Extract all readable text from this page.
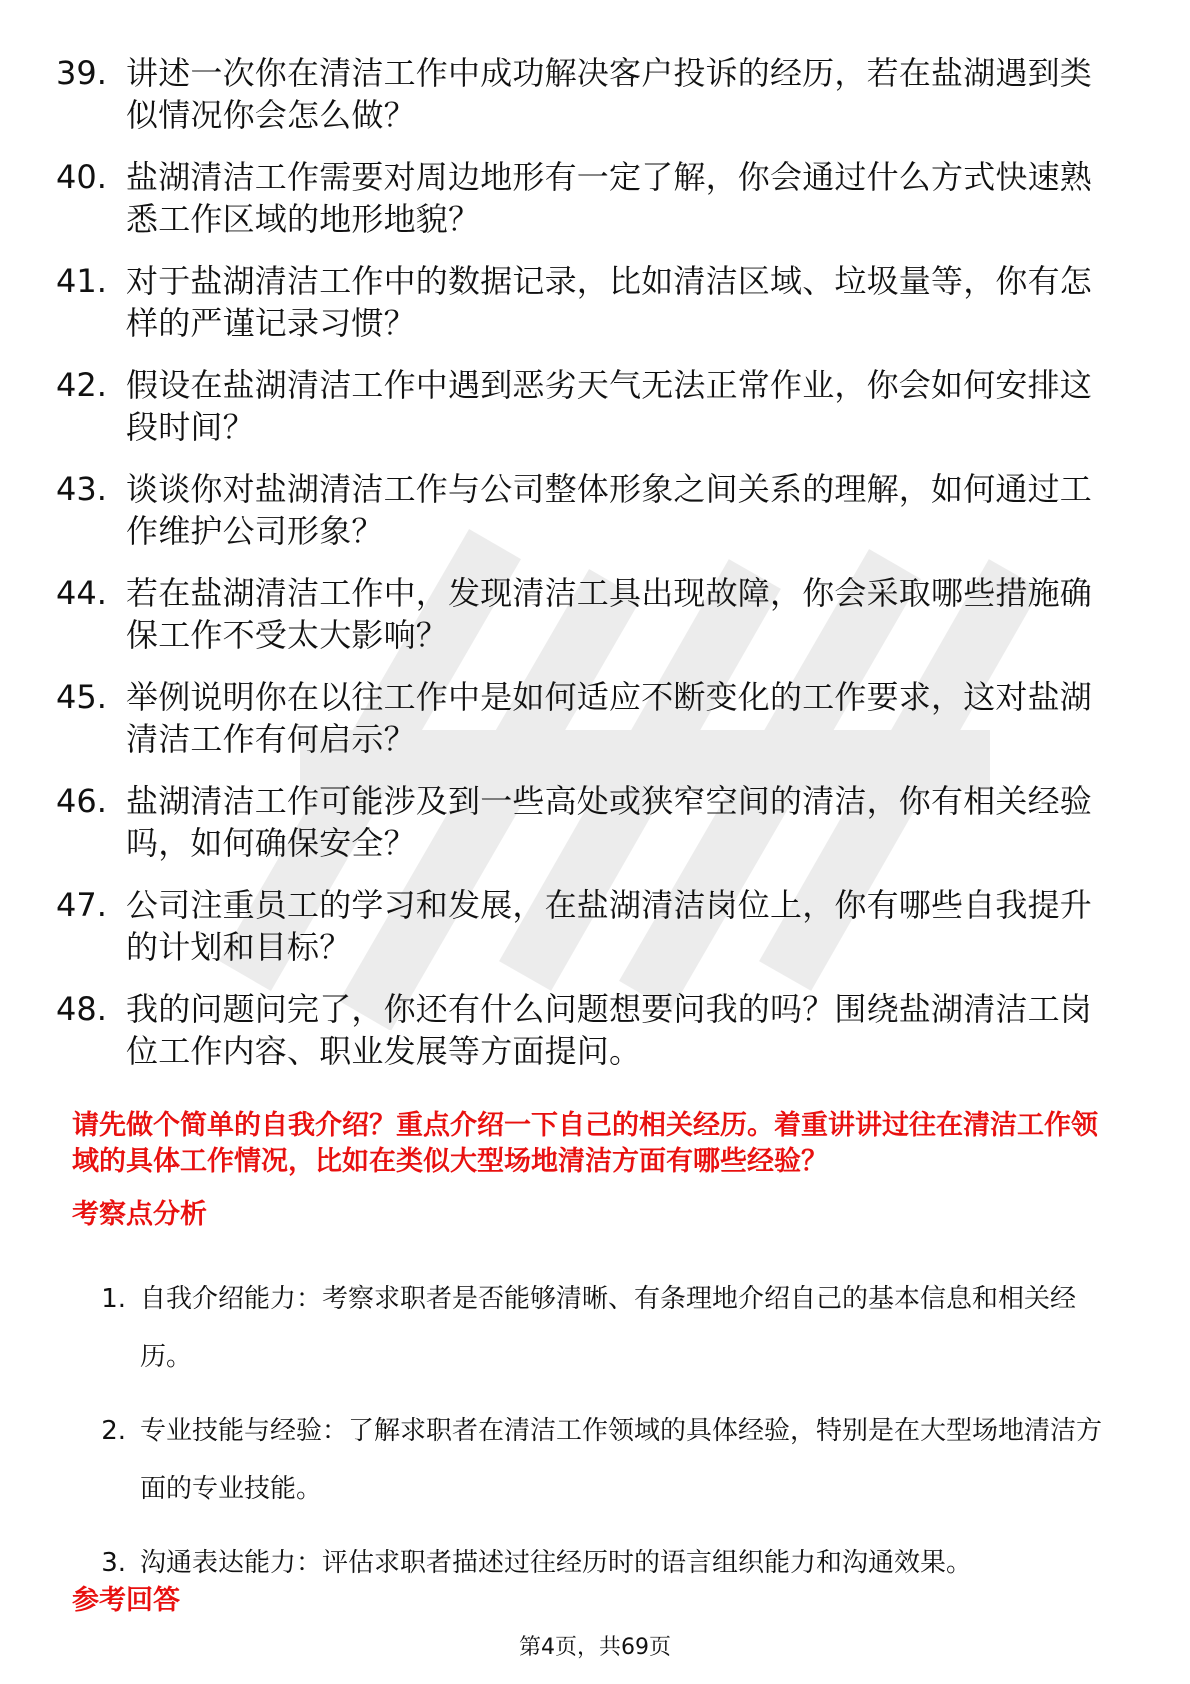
39. 讲述一次你在清洁工作中成功解决客户投诉的经历，若在盐湖遇到类似情况你会怎么做？
40. 盐湖清洁工作需要对周边地形有一定了解，你会通过什么方式快速熟悉工作区域的地形地貌？
41. 对于盐湖清洁工作中的数据记录，比如清洁区域、垃圾量等，你有怎样的严谨记录习惯？
42. 假设在盐湖清洁工作中遇到恶劣天气无法正常作业，你会如何安排这段时间？
43. 谈谈你对盐湖清洁工作与公司整体形象之间关系的理解，如何通过工作维护公司形象？
44. 若在盐湖清洁工作中，发现清洁工具出现故障，你会采取哪些措施确保工作不受太大影响？
45. 举例说明你在以往工作中是如何适应不断变化的工作要求，这对盐湖清洁工作有何启示？
46. 盐湖清洁工作可能涉及到一些高处或狭窄空间的清洁，你有相关经验吗，如何确保安全？
47. 公司注重员工的学习和发展，在盐湖清洁岗位上，你有哪些自我提升的计划和目标？
48. 我的问题问完了，你还有什么问题想要问我的吗？围绕盐湖清洁工岗位工作内容、职业发展等方面提问。

请先做个简单的自我介绍？重点介绍一下自己的相关经历。着重讲讲过往在清洁工作领域的具体工作情况，比如在类似大型场地清洁方面有哪些经验？

考察点分析
1. 自我介绍能力：考察求职者是否能够清晰、有条理地介绍自己的基本信息和相关经历。
2. 专业技能与经验：了解求职者在清洁工作领域的具体经验，特别是在大型场地清洁方面的专业技能。
3. 沟通表达能力：评估求职者描述过往经历时的语言组织能力和沟通效果。
参考回答

第4页，共69页
